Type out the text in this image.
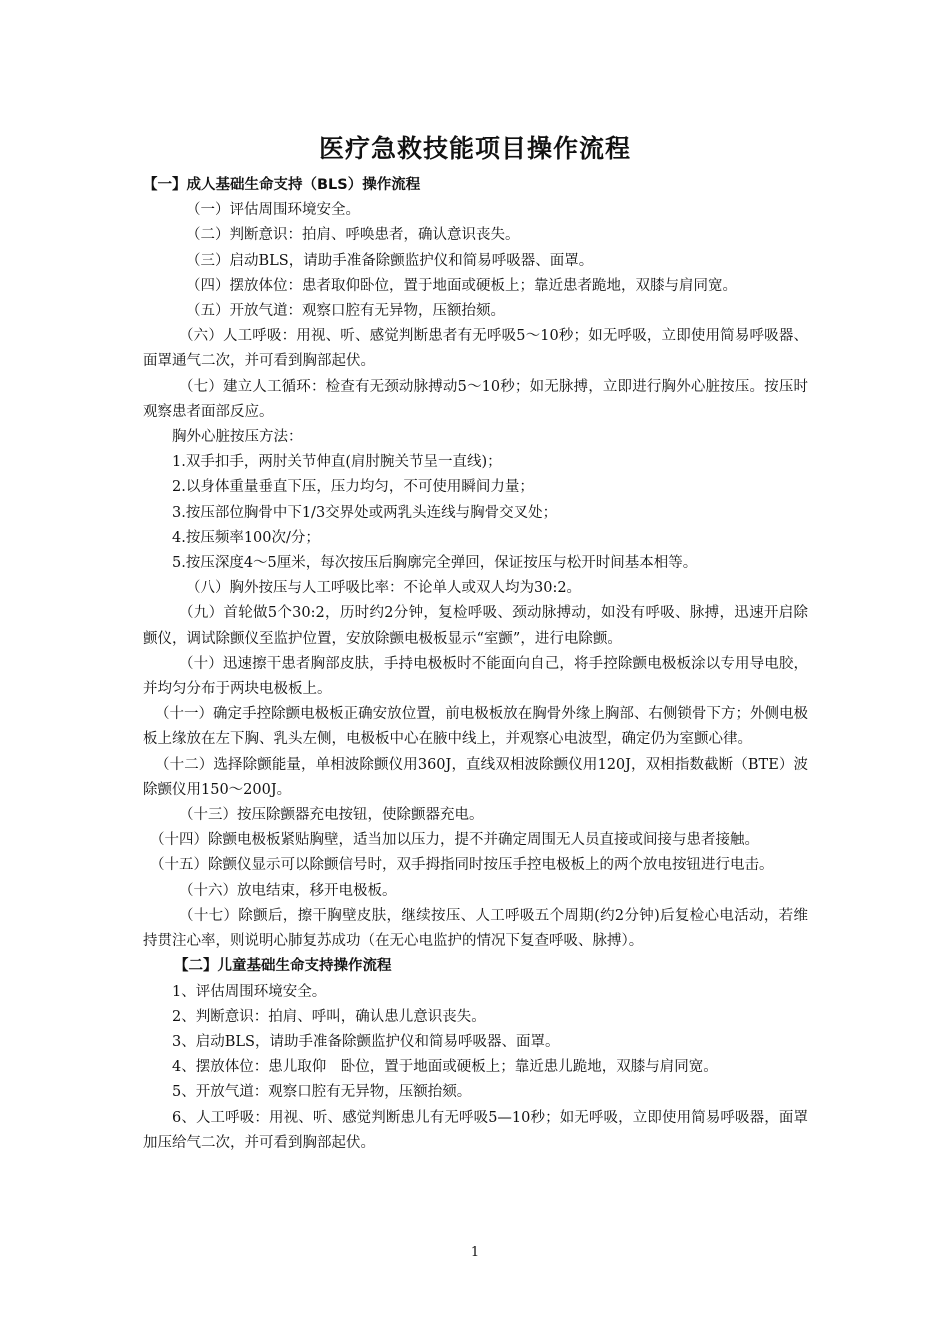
医疗急救技能项目操作流程

【一】成人基础生命支持（BLS）操作流程

（一）评估周围环境安全。

（二）判断意识：拍肩、呼唤患者，确认意识丧失。

（三）启动BLS，请助手准备除颤监护仪和简易呼吸器、面罩。

（四）摆放体位：患者取仰卧位，置于地面或硬板上；靠近患者跪地，双膝与肩同宽。

（五）开放气道：观察口腔有无异物，压额抬颏。

（六）人工呼吸：用视、听、感觉判断患者有无呼吸5～10秒；如无呼吸，立即使用简易呼吸器、面罩通气二次，并可看到胸部起伏。

（七）建立人工循环：检查有无颈动脉搏动5～10秒；如无脉搏，立即进行胸外心脏按压。按压时观察患者面部反应。

胸外心脏按压方法：

1.双手扣手，两肘关节伸直(肩肘腕关节呈一直线)；

2.以身体重量垂直下压，压力均匀，不可使用瞬间力量；

3.按压部位胸骨中下1/3交界处或两乳头连线与胸骨交叉处；

4.按压频率100次/分；

5.按压深度4～5厘米，每次按压后胸廓完全弹回，保证按压与松开时间基本相等。

（八）胸外按压与人工呼吸比率：不论单人或双人均为30:2。

（九）首轮做5个30:2，历时约2分钟，复检呼吸、颈动脉搏动，如没有呼吸、脉搏，迅速开启除颤仪，调试除颤仪至监护位置，安放除颤电极板显示“室颤”，进行电除颤。

（十）迅速擦干患者胸部皮肤，手持电极板时不能面向自己，将手控除颤电极板涂以专用导电胶，并均匀分布于两块电极板上。

（十一）确定手控除颤电极板正确安放位置，前电极板放在胸骨外缘上胸部、右侧锁骨下方；外侧电极板上缘放在左下胸、乳头左侧，电极板中心在腋中线上，并观察心电波型，确定仍为室颤心律。

（十二）选择除颤能量，单相波除颤仪用360J，直线双相波除颤仪用120J，双相指数截断（BTE）波除颤仪用150～200J。

（十三）按压除颤器充电按钮，使除颤器充电。

（十四）除颤电极板紧贴胸壁，适当加以压力，提不并确定周围无人员直接或间接与患者接触。

（十五）除颤仪显示可以除颤信号时，双手拇指同时按压手控电极板上的两个放电按钮进行电击。

（十六）放电结束，移开电极板。

（十七）除颤后，擦干胸壁皮肤，继续按压、人工呼吸五个周期(约2分钟)后复检心电活动，若维持贯注心率，则说明心肺复苏成功（在无心电监护的情况下复查呼吸、脉搏）。

【二】儿童基础生命支持操作流程

1、评估周围环境安全。

2、判断意识：拍肩、呼叫，确认患儿意识丧失。

3、启动BLS，请助手准备除颤监护仪和简易呼吸器、面罩。

4、摆放体位：患儿取仰　卧位，置于地面或硬板上；靠近患儿跪地，双膝与肩同宽。

5、开放气道：观察口腔有无异物，压额抬颏。

6、人工呼吸：用视、听、感觉判断患儿有无呼吸5—10秒；如无呼吸，立即使用简易呼吸器，面罩加压给气二次，并可看到胸部起伏。

1
